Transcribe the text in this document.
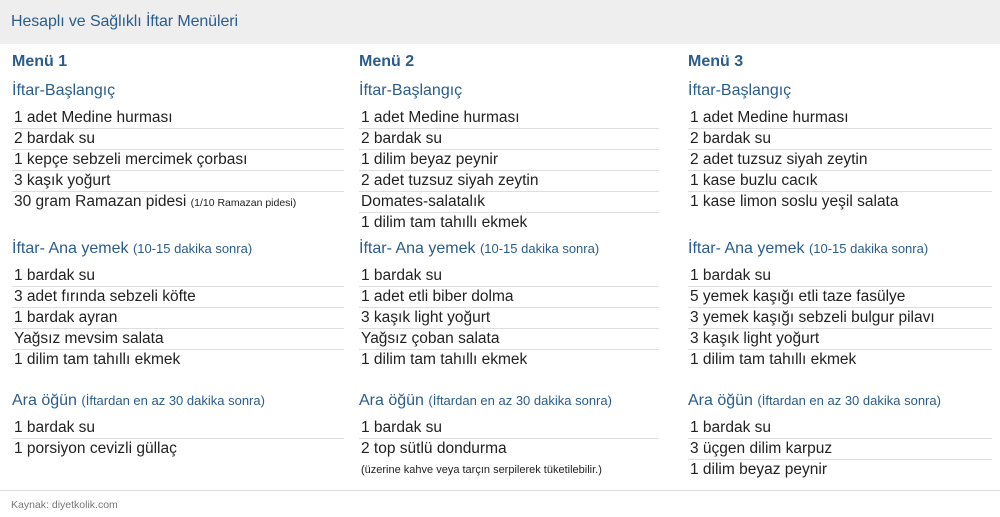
Hesaplı ve Sağlıklı İftar Menüleri
Menü 1
İftar-Başlangıç
1 adet Medine hurması
2 bardak su
1 kepçe sebzeli mercimek çorbası
3 kaşık yoğurt
30 gram Ramazan pidesi (1/10 Ramazan pidesi)
İftar- Ana yemek (10-15 dakika sonra)
1 bardak su
3 adet fırında sebzeli köfte
1 bardak ayran
Yağsız mevsim salata
1 dilim tam tahıllı ekmek
Ara öğün (İftardan en az 30 dakika sonra)
1 bardak su
1 porsiyon cevizli güllaç
Menü 2
İftar-Başlangıç
1 adet Medine hurması
2 bardak su
1 dilim beyaz peynir
2 adet tuzsuz siyah zeytin
Domates-salatalık
1 dilim tam tahıllı ekmek
İftar- Ana yemek (10-15 dakika sonra)
1 bardak su
1 adet etli biber dolma
3 kaşık light yoğurt
Yağsız çoban salata
1 dilim tam tahıllı ekmek
Ara öğün (İftardan en az 30 dakika sonra)
1 bardak su
2 top sütlü dondurma
(üzerine kahve veya tarçın serpilerek tüketilebilir.)
Menü 3
İftar-Başlangıç
1 adet Medine hurması
2 bardak su
2 adet tuzsuz siyah zeytin
1 kase buzlu cacık
1 kase limon soslu yeşil salata
İftar- Ana yemek (10-15 dakika sonra)
1 bardak su
5 yemek kaşığı etli taze fasülye
3 yemek kaşığı sebzeli bulgur pilavı
3 kaşık light yoğurt
1 dilim tam tahıllı ekmek
Ara öğün (İftardan en az 30 dakika sonra)
1 bardak su
3 üçgen dilim karpuz
1 dilim beyaz peynir
Kaynak: diyetkolik.com
